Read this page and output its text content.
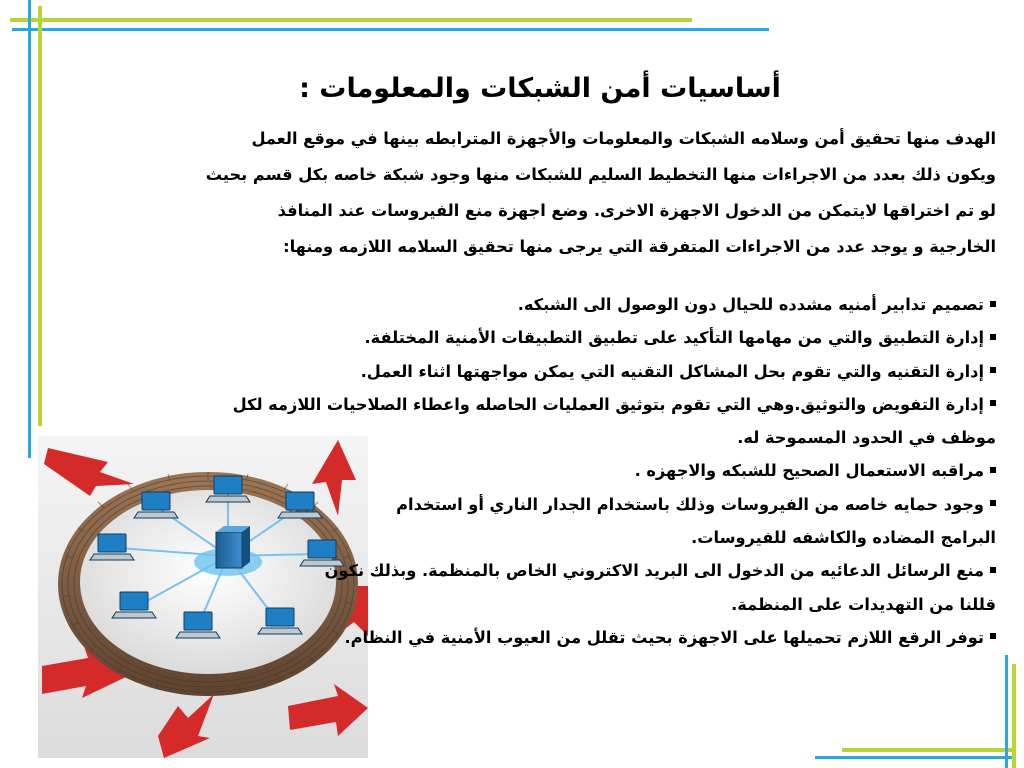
أساسيات أمن الشبكات والمعلومات :
الهدف منها تحقيق أمن وسلامه الشبكات والمعلومات والأجهزة المترابطه بينها في موقع العمل
ويكون ذلك بعدد من الاجراءات منها التخطيط السليم للشبكات منها وجود شبكة خاصه بكل قسم بحيث
لو تم اختراقها لايتمكن من الدخول الاجهزة الاخرى. وضع اجهزة منع الفيروسات عند المنافذ
الخارجية و يوجد عدد من الاجراءات المتفرقة التي يرجى منها تحقيق السلامه اللازمه ومنها:
تصميم تدابير أمنيه مشدده للحيال دون الوصول الى الشبكه.
إدارة التطبيق والتي من مهامها التأكيد على تطبيق التطبيقات الأمنية المختلفة.
إدارة التقنيه والتي تقوم بحل المشاكل التقنيه التي يمكن مواجهتها اثناء العمل.
إدارة التفويض والتوثيق.وهي التي تقوم بتوثيق العمليات الحاصله واعطاء الصلاحيات اللازمه لكل
موظف في الحدود المسموحة له.
مراقبه الاستعمال الصحيح للشبكه والاجهزه .
وجود حمايه خاصه من الفيروسات وذلك باستخدام الجدار الناري أو استخدام
البرامج المضاده والكاشفه للفيروسات.
منع الرسائل الدعائيه من الدخول الى البريد الاكتروني الخاص بالمنظمة. وبذلك نكون
قللنا من التهديدات على المنظمة.
توفر الرقع اللازم تحميلها على الاجهزة بحيث تقلل من العيوب الأمنية في النظام.
